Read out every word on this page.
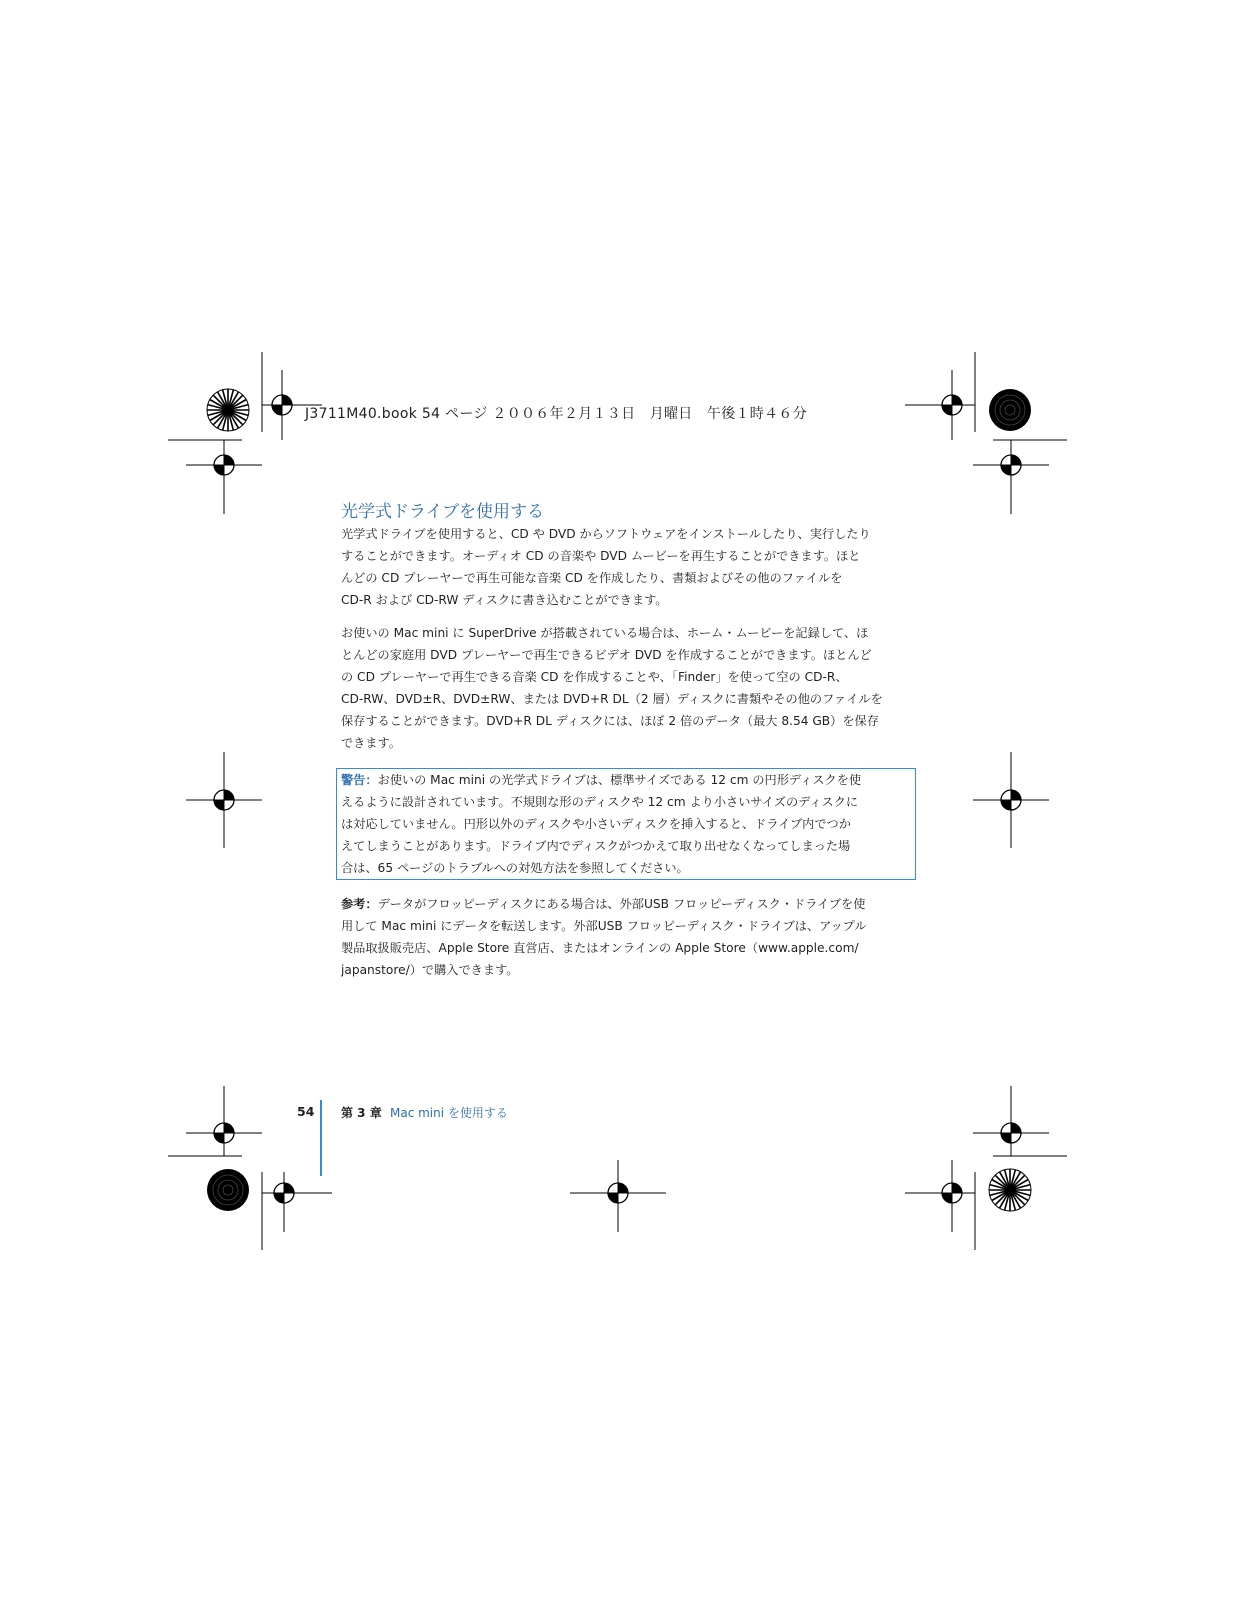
J3711M40.book 54 ページ ２００６年２月１３日　月曜日　午後１時４６分
光学式ドライブを使用する
光学式ドライブを使用すると、CD や DVD からソフトウェアをインストールしたり、実行したり
することができます。オーディオ CD の音楽や DVD ムービーを再生することができます。ほと
んどの CD プレーヤーで再生可能な音楽 CD を作成したり、書類およびその他のファイルを
CD-R および CD-RW ディスクに書き込むことができます。
お使いの Mac mini に SuperDrive が搭載されている場合は、ホーム・ムービーを記録して、ほ
とんどの家庭用 DVD プレーヤーで再生できるビデオ DVD を作成することができます。ほとんど
の CD プレーヤーで再生できる音楽 CD を作成することや、「Finder」を使って空の CD-R、
CD-RW、DVD±R、DVD±RW、または DVD+R DL（2 層）ディスクに書類やその他のファイルを
保存することができます。DVD+R DL ディスクには、ほぼ 2 倍のデータ（最大 8.54 GB）を保存
できます。
警告：お使いの Mac mini の光学式ドライブは、標準サイズである 12 cm の円形ディスクを使
えるように設計されています。不規則な形のディスクや 12 cm より小さいサイズのディスクに
は対応していません。円形以外のディスクや小さいディスクを挿入すると、ドライブ内でつか
えてしまうことがあります。ドライブ内でディスクがつかえて取り出せなくなってしまった場
合は、65 ページのトラブルへの対処方法を参照してください。
参考：データがフロッピーディスクにある場合は、外部USB フロッピーディスク・ドライブを使
用して Mac mini にデータを転送します。外部USB フロッピーディスク・ドライブは、アップル
製品取扱販売店、Apple Store 直営店、またはオンラインの Apple Store（www.apple.com/
japanstore/）で購入できます。
54 第 3 章 Mac mini を使用する
